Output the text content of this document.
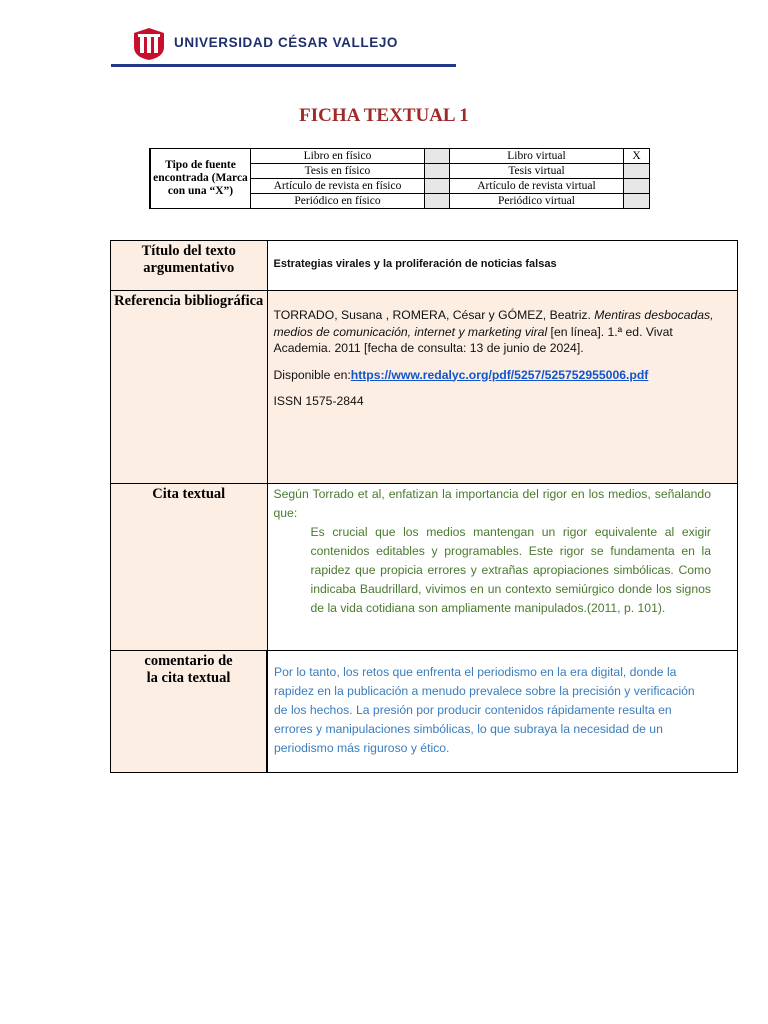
UNIVERSIDAD CÉSAR VALLEJO
FICHA TEXTUAL 1
Tipo de fuente encontrada (Marca con una “X”)	Libro en físico		Libro virtual	X
	Tesis en físico		Tesis virtual	
	Artículo de revista en físico		Artículo de revista virtual	
	Periódico en físico		Periódico virtual	
Título del texto argumentativo	Estrategias virales y la proliferación de noticias falsas

Referencia bibliográfica	TORRADO, Susana , ROMERA, César y GÓMEZ, Beatriz. Mentiras desbocadas, medios de comunicación, internet y marketing viral [en línea]. 1.ª ed. Vivat Academia. 2011 [fecha de consulta: 13 de junio de 2024].

Disponible en:https://www.redalyc.org/pdf/5257/525752955006.pdf

ISSN 1575-2844

Cita textual	Según Torrado et al, enfatizan la importancia del rigor en los medios, señalando que:

Es crucial que los medios mantengan un rigor equivalente al exigir contenidos editables y programables. Este rigor se fundamenta en la rapidez que propicia errores y extrañas apropiaciones simbólicas. Como indicaba Baudrillard, vivimos en un contexto semiúrgico donde los signos de la vida cotidiana son ampliamente manipulados.(2011, p. 101).

comentario de
la cita textual	Por lo tanto, los retos que enfrenta el periodismo en la era digital, donde la rapidez en la publicación a menudo prevalece sobre la precisión y verificación de los hechos. La presión por producir contenidos rápidamente resulta en errores y manipulaciones simbólicas, lo que subraya la necesidad de un periodismo más riguroso y ético.
